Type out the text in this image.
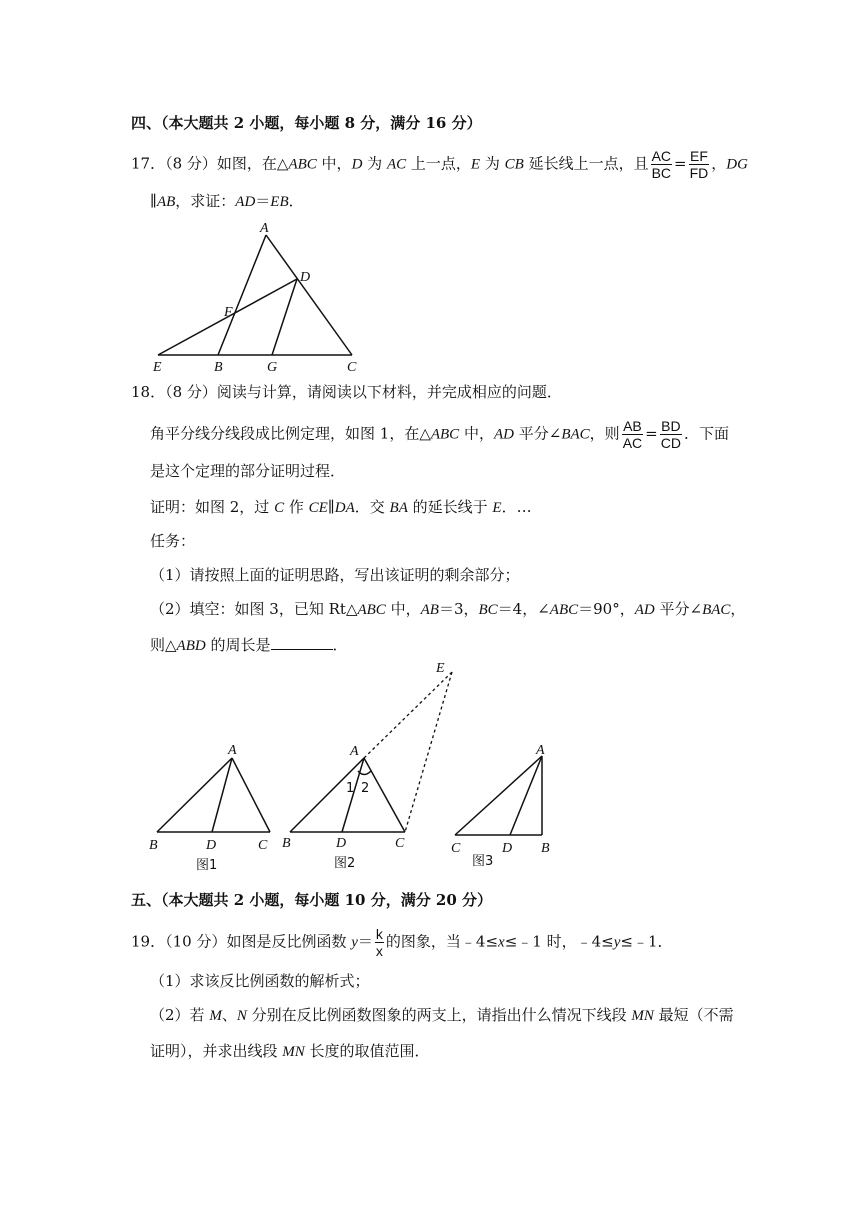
四、（本大题共 2 小题，每小题 8 分，满分 16 分）
17．（8 分）如图，在△ABC 中，D 为 AC 上一点，E 为 CB 延长线上一点，且 $\frac{AC}{BC} = \frac{EF}{FD}$ ，DG
∥AB，求证：AD＝EB．
A
D
F
E	B	G	C
18．（8 分）阅读与计算，请阅读以下材料，并完成相应的问题．
角平分线分线段成比例定理，如图 1，在△ABC 中，AD 平分∠BAC，则 $\frac{AB}{AC} = \frac{BD}{CD}$ ．下面
是这个定理的部分证明过程．
证明：如图 2，过 C 作 CE∥DA．交 BA 的延长线于 E．…
任务：
（1）请按照上面的证明思路，写出该证明的剩余部分；
（2）填空：如图 3，已知 Rt△ABC 中，AB＝3，BC＝4，∠ABC＝90°，AD 平分∠BAC，
则△ABD 的周长是	．
A
B	D	C
图1
E
A
1 2
B	D	C
图2
A
C	D B
图3
五、（本大题共 2 小题，每小题 10 分，满分 20 分）
19．（10 分）如图是反比例函数 $y= \frac{k}{x}$ 的图象，当﹣4≤x≤﹣1 时，﹣4≤y≤﹣1．
（1）求该反比例函数的解析式；
（2）若 M、N 分别在反比例函数图象的两支上，请指出什么情况下线段 MN 最短（不需
证明），并求出线段 MN 长度的取值范围．
